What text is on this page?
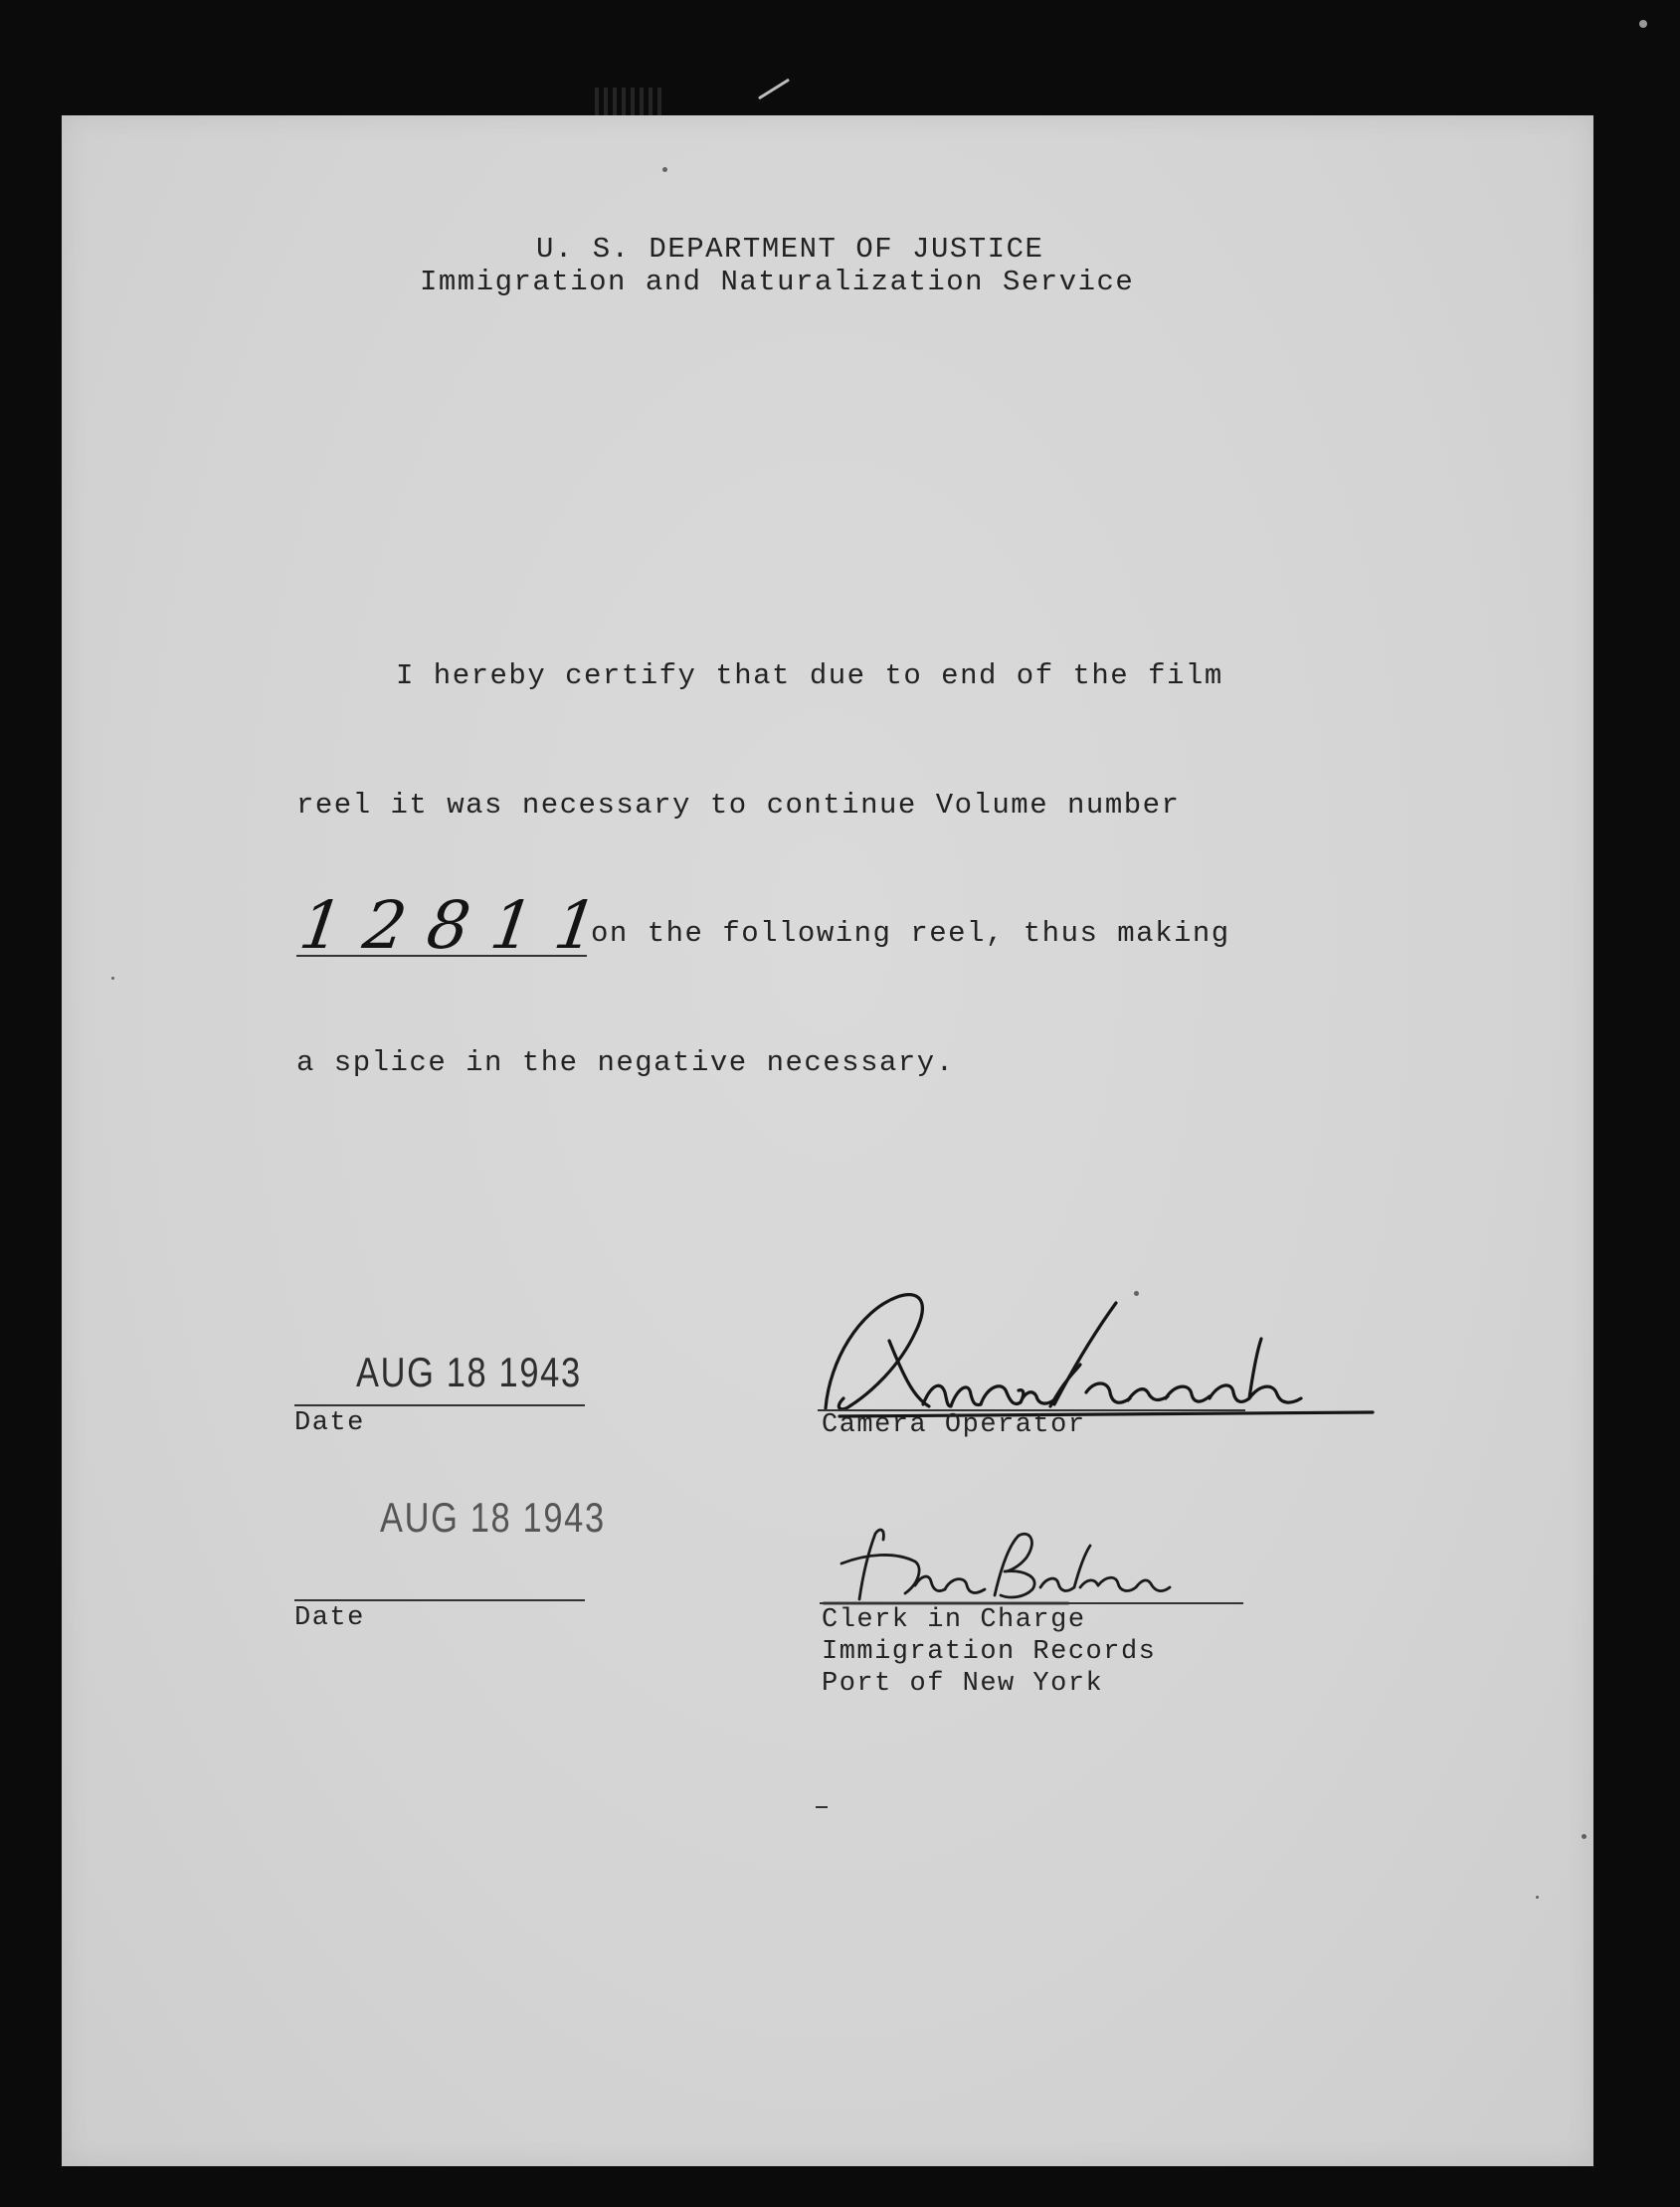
U. S. DEPARTMENT OF JUSTICE
Immigration and Naturalization Service
I hereby certify that due to end of the film
reel it was necessary to continue Volume number
12811
on the following reel, thus making
a splice in the negative necessary.
AUG 18 1943
Date	Camera Operator
AUG 18 1943
Date	Clerk in Charge
Immigration Records
Port of New York
